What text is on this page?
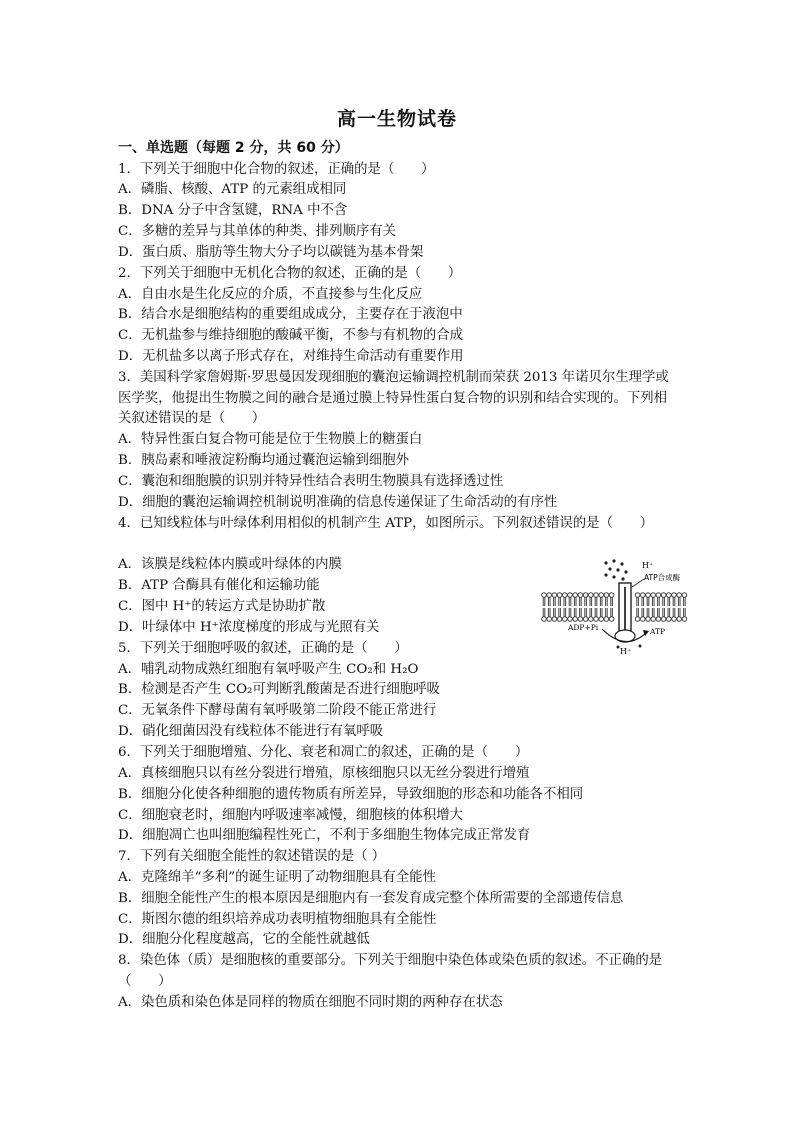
高一生物试卷
一、单选题（每题 2 分，共 60 分）
1．下列关于细胞中化合物的叙述，正确的是（　　）
A．磷脂、核酸、ATP 的元素组成相同
B．DNA 分子中含氢键，RNA 中不含
C．多糖的差异与其单体的种类、排列顺序有关
D．蛋白质、脂肪等生物大分子均以碳链为基本骨架
2．下列关于细胞中无机化合物的叙述，正确的是（　　）
A．自由水是生化反应的介质，不直接参与生化反应
B．结合水是细胞结构的重要组成成分，主要存在于液泡中
C．无机盐参与维持细胞的酸碱平衡，不参与有机物的合成
D．无机盐多以离子形式存在，对维持生命活动有重要作用
3．美国科学家詹姆斯·罗思曼因发现细胞的囊泡运输调控机制而荣获 2013 年诺贝尔生理学或医学奖，他提出生物膜之间的融合是通过膜上特异性蛋白复合物的识别和结合实现的。下列相关叙述错误的是（　　）
A．特异性蛋白复合物可能是位于生物膜上的糖蛋白
B．胰岛素和唾液淀粉酶均通过囊泡运输到细胞外
C．囊泡和细胞膜的识别并特异性结合表明生物膜具有选择透过性
D．细胞的囊泡运输调控机制说明准确的信息传递保证了生命活动的有序性
4．已知线粒体与叶绿体利用相似的机制产生 ATP，如图所示。下列叙述错误的是（　　）
A．该膜是线粒体内膜或叶绿体的内膜
B．ATP 合酶具有催化和运输功能
C．图中 H⁺的转运方式是协助扩散
D．叶绿体中 H⁺浓度梯度的形成与光照有关
H⁺
ATP合成酶
ADP+Pi	ATP
H⁺
5．下列关于细胞呼吸的叙述，正确的是（　　）
A．哺乳动物成熟红细胞有氧呼吸产生 CO₂和 H₂O
B．检测是否产生 CO₂可判断乳酸菌是否进行细胞呼吸
C．无氧条件下酵母菌有氧呼吸第二阶段不能正常进行
D．硝化细菌因没有线粒体不能进行有氧呼吸
6．下列关于细胞增殖、分化、衰老和凋亡的叙述，正确的是（　　）
A．真核细胞只以有丝分裂进行增殖，原核细胞只以无丝分裂进行增殖
B．细胞分化使各种细胞的遗传物质有所差异，导致细胞的形态和功能各不相同
C．细胞衰老时，细胞内呼吸速率减慢，细胞核的体积增大
D．细胞凋亡也叫细胞编程性死亡，不利于多细胞生物体完成正常发育
7．下列有关细胞全能性的叙述错误的是（ ）
A．克隆绵羊“多利”的诞生证明了动物细胞具有全能性
B．细胞全能性产生的根本原因是细胞内有一套发育成完整个体所需要的全部遗传信息
C．斯图尔德的组织培养成功表明植物细胞具有全能性
D．细胞分化程度越高，它的全能性就越低
8．染色体（质）是细胞核的重要部分。下列关于细胞中染色体或染色质的叙述。不正确的是（　　）
A．染色质和染色体是同样的物质在细胞不同时期的两种存在状态
